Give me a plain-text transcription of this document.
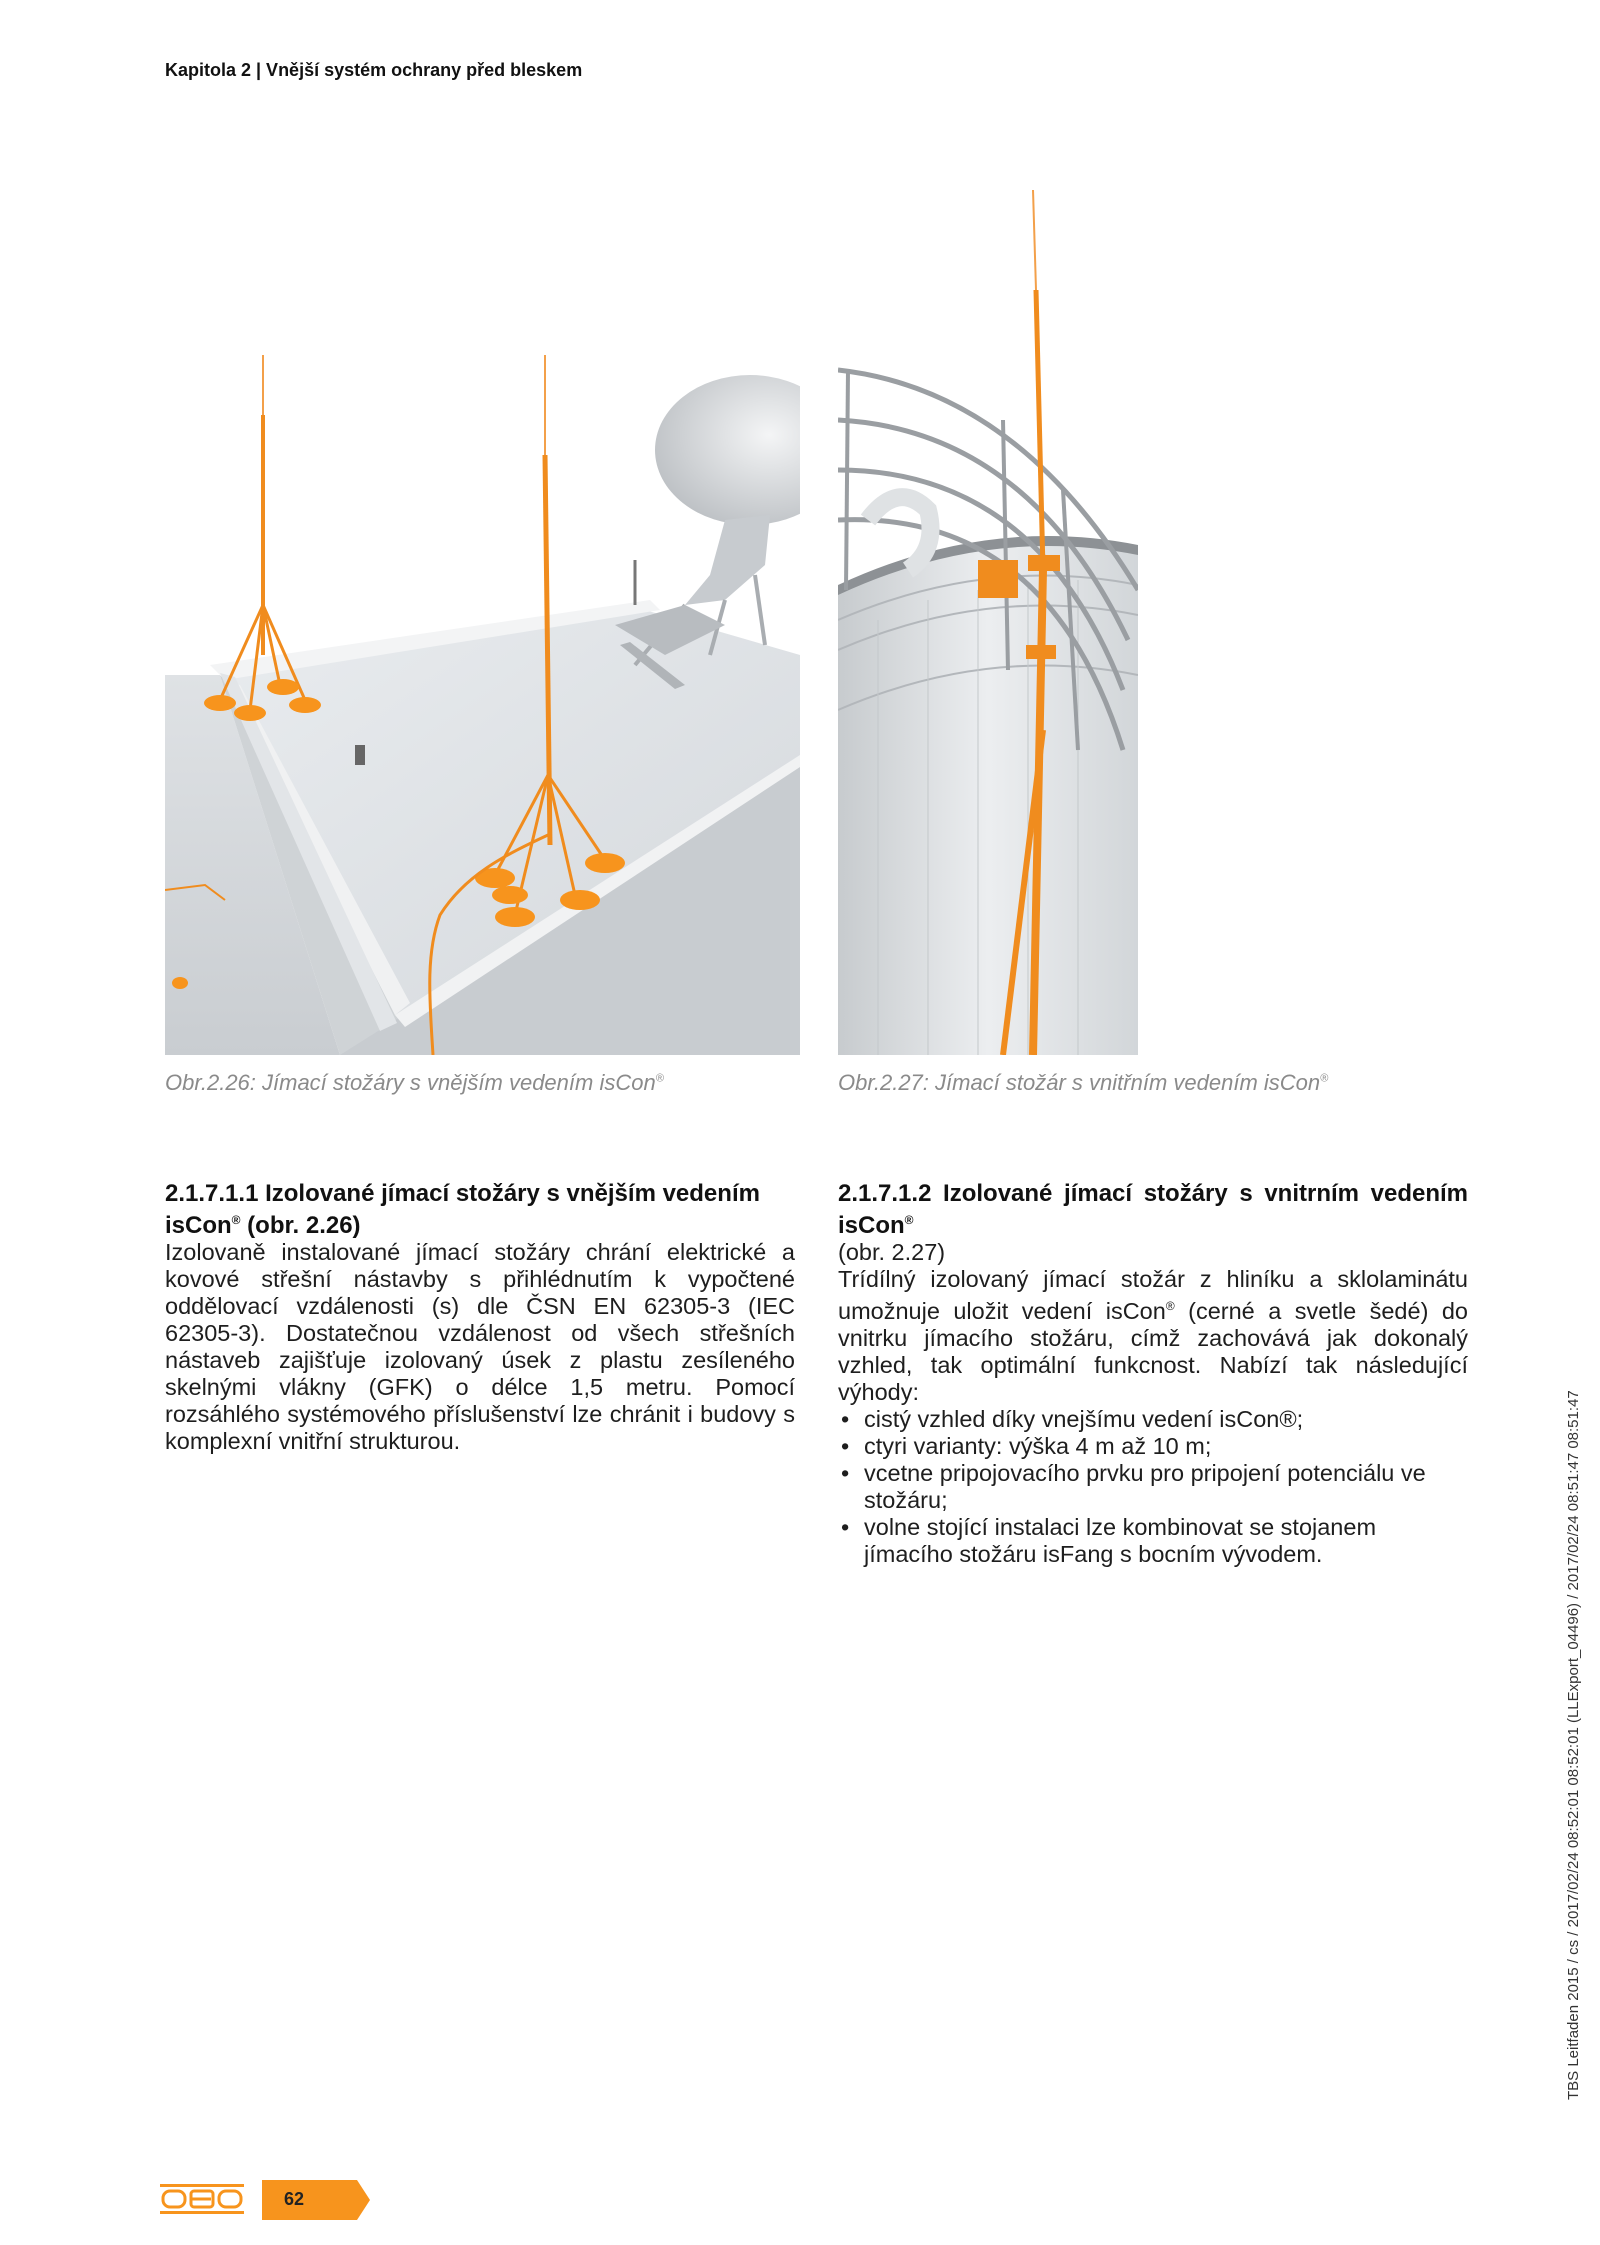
Kapitola 2 | Vnější systém ochrany před bleskem
Obr.2.26: Jímací stožáry s vnějším vedením isCon®	Obr.2.27: Jímací stožár s vnitřním vedením isCon®
2.1.7.1.1 Izolované jímací stožáry s vnějším vedením
isCon® (obr. 2.26)

Izolovaně instalované jímací stožáry chrání elektrické a kovové střešní nástavby s přihlédnutím k vypočtené oddělovací vzdálenosti (s) dle ČSN EN 62305-3 (IEC 62305-3). Dostatečnou vzdálenost od všech střešních nástaveb zajišťuje izolovaný úsek z plastu zesíleného skelnými vlákny (GFK) o délce 1,5 metru. Pomocí rozsáhlého systémového příslušenství lze chránit i budovy s komplexní vnitřní strukturou.

2.1.7.1.2 Izolované jímací stožáry s vnitrním vedením isCon®
(obr. 2.27)

Trídílný izolovaný jímací stožár z hliníku a sklolaminátu umožnuje uložit vedení isCon® (cerné a svetle šedé) do vnitrku jímacího stožáru, címž zachovává jak dokonalý vzhled, tak optimální funkcnost. Nabízí tak následující výhody:

• cistý vzhled díky vnejšímu vedení isCon®;
• ctyri varianty: výška 4 m až 10 m;
• vcetne pripojovacího prvku pro pripojení potenciálu ve stožáru;
• volne stojící instalaci lze kombinovat se stojanem jímacího stožáru isFang s bocním vývodem.	TBS Leitfaden 2015 / cs / 2017/02/24 08:52:01 08:52:01 (LLExport_04496) / 2017/02/24 08:51:47 08:51:47
62
